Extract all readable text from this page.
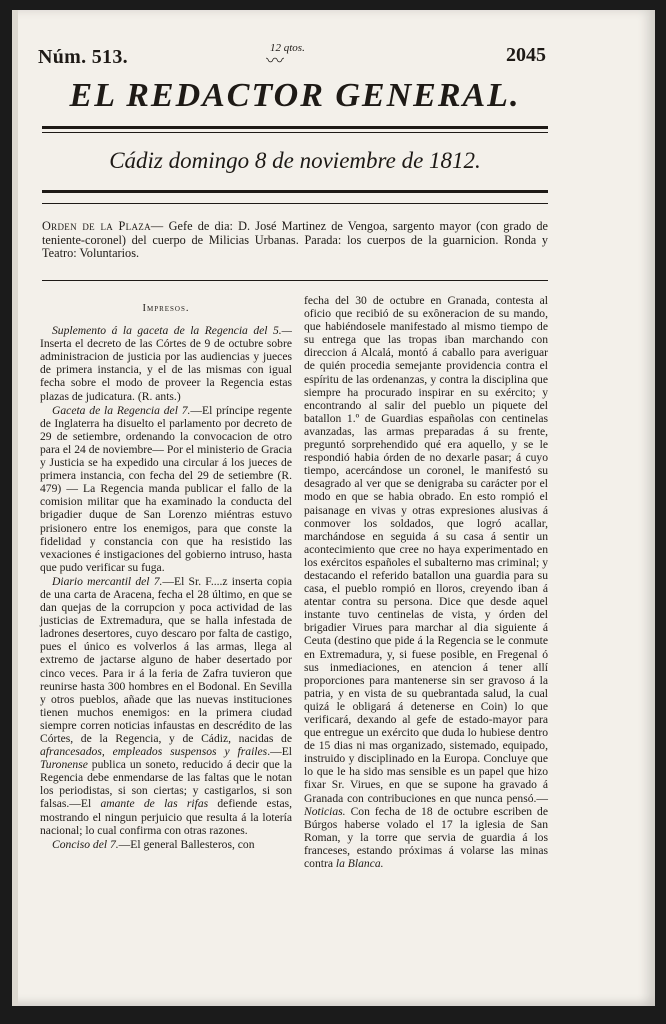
Núm. 513.	12 qtos.
〰	2045
EL REDACTOR GENERAL.
Cádiz domingo 8 de noviembre de 1812.
Orden de la Plaza— Gefe de dia: D. José Martinez de Vengoa, sargento mayor (con grado de teniente-coronel) del cuerpo de Milicias Urbanas. Parada: los cuerpos de la guarnicion. Ronda y Teatro: Voluntarios.
Impresos.

Suplemento á la gaceta de la Regencia del 5.— Inserta el decreto de las Córtes de 9 de octubre sobre administracion de justicia por las audiencias y jueces de primera instancia, y el de las mismas con igual fecha sobre el modo de proveer la Regencia estas plazas de judicatura. (R. ants.)

Gaceta de la Regencia del 7.—El príncipe regente de Inglaterra ha disuelto el parlamento por decreto de 29 de setiembre, ordenando la convocacion de otro para el 24 de noviembre— Por el ministerio de Gracia y Justicia se ha expedido una circular á los jueces de primera instancia, con fecha del 29 de setiembre (R. 479) — La Regencia manda publicar el fallo de la comision militar que ha examinado la conducta del brigadier duque de San Lorenzo miéntras estuvo prisionero entre los enemigos, para que conste la fidelidad y constancia con que ha resistido las vexaciones é instigaciones del gobierno intruso, hasta que pudo verificar su fuga.

Diario mercantil del 7.—El Sr. F....z inserta copia de una carta de Aracena, fecha el 28 último, en que se dan quejas de la corrupcion y poca actividad de las justicias de Extremadura, que se halla infestada de ladrones desertores, cuyo descaro por falta de castigo, pues el único es volverlos á las armas, llega al extremo de jactarse alguno de haber desertado por cinco veces. Para ir á la feria de Zafra tuvieron que reunirse hasta 300 hombres en el Bodonal. En Sevilla y otros pueblos, añade que las nuevas instituciones tienen muchos enemigos: en la primera ciudad siempre corren noticias infaustas en descrédito de las Córtes, de la Regencia, y de Cádiz, nacidas de afrancesados, empleados suspensos y frailes.—El Turonense publica un soneto, reducido á decir que la Regencia debe enmendarse de las faltas que le notan los periodistas, si son ciertas; y castigarlos, si son falsas.—El amante de las rifas defiende estas, mostrando el ningun perjuicio que resulta á la lotería nacional; lo cual confirma con otras razones.

Conciso del 7.—El general Ballesteros, con

fecha del 30 de octubre en Granada, contesta al oficio que recibió de su exôneracion de su mando, que habiéndosele manifestado al mismo tiempo de su entrega que las tropas iban marchando con direccion á Alcalá, montó á caballo para averiguar de quién procedia semejante providencia contra el espíritu de las ordenanzas, y contra la disciplina que siempre ha procurado inspirar en su exército; y encontrando al salir del pueblo un piquete del batallon 1.º de Guardias españolas con centinelas avanzadas, las armas preparadas á su frente, preguntó sorprehendido qué era aquello, y se le respondió habia órden de no dexarle pasar; á cuyo tiempo, acercándose un coronel, le manifestó su desagrado al ver que se denigraba su carácter por el modo en que se habia obrado. En esto rompió el paisanage en vivas y otras expresiones alusivas á conmover los soldados, que logró acallar, marchándose en seguida á su casa á sentir un acontecimiento que cree no haya experimentado en los exércitos españoles el subalterno mas criminal; y destacando el referido batallon una guardia para su casa, el pueblo rompió en lloros, creyendo iban á atentar contra su persona. Dice que desde aquel instante tuvo centinelas de vista, y órden del brigadier Virues para marchar al dia siguiente á Ceuta (destino que pide á la Regencia se le conmute en Extremadura, y, si fuese posible, en Fregenal ó sus inmediaciones, en atencion á tener allí proporciones para mantenerse sin ser gravoso á la patria, y en vista de su quebrantada salud, la cual quizá le obligará á detenerse en Coin) lo que verificará, dexando al gefe de estado-mayor para que entregue un exército que duda lo hubiese dentro de 15 dias ni mas organizado, sistemado, equipado, instruido y disciplinado en la Europa. Concluye que lo que le ha sido mas sensible es un papel que hizo fixar Sr. Virues, en que se supone ha gravado á Granada con contribuciones en que nunca pensó.—Noticias. Con fecha de 18 de octubre escriben de Búrgos haberse volado el 17 la iglesia de San Roman, y la torre que servia de guardia á los franceses, estando próximas á volarse las minas contra la Blanca.
